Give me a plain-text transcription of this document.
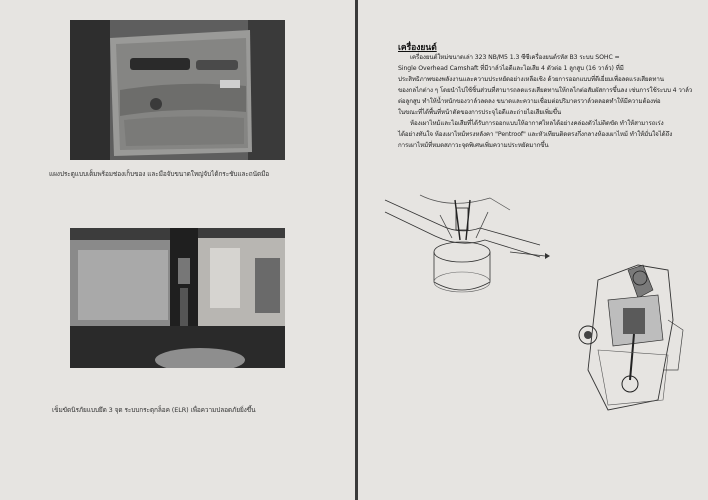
แผงประตูแบบเต็มพร้อมช่องเก็บของ และมือจับขนาดใหญ่จับได้กระชับและถนัดมือ
เข็มขัดนิรภัยแบบยึด 3 จุด ระบบกระตุกล็อค (ELR) เพื่อความปลอดภัยยิ่งขึ้น
เครื่องยนต์
เครื่องยนต์ใหม่ขนาดเล่า 323 NB/M5 1.3 ซีซีเครื่องยนต์รหัส B3 ระบบ SOHC =
Single Overhead Camshaft ที่มีวาล์วไอดีและไอเสีย 4 ตัวต่อ 1 ลูกสูบ (16 วาล์ว) ที่มี
ประสิทธิภาพของพลังงานและความประหยัดอย่างเหลือเชิง ด้วยการออกแบบที่ดีเยี่ยมเพื่อลดแรงเสียดทาน
ของกลไกต่าง ๆ โดยนำไปใช้ชิ้นส่วนที่สามารถลดแรงเสียดทานให้กลไกต่อสัมผัสการขึ้นลง เช่นการใช้ระบบ 4 วาล์ว
ต่อลูกสูบ ทำให้น้ำหนักของวาล์วลดลง ขนาดและความเชื่อมต่อปริมาตรวาล์วตลอดทำให้มีความต้องท่อ
ในขณะที่ได้พื้นที่หน้าตัดของการประจุไอดีและถ่ายไอเสียเพิ่มขึ้น
ห้องเผาไหม้และไอเสียที่ได้รับการออกแบบให้อากาศไหลได้อย่างคล่องตัวไม่ติดขัด ทำให้สามารถเร่ง
ได้อย่างทันใจ ห้องเผาไหม้ทรงหลังคา "Pentroof" และหัวเทียนติดตรงกึ่งกลางห้องเผาไหม้ ทำให้มั่นใจได้ถึง
การเผาไหม้ที่หมดสภาวะจุดพิเศษเพิ่มความประหยัดมากขึ้น
